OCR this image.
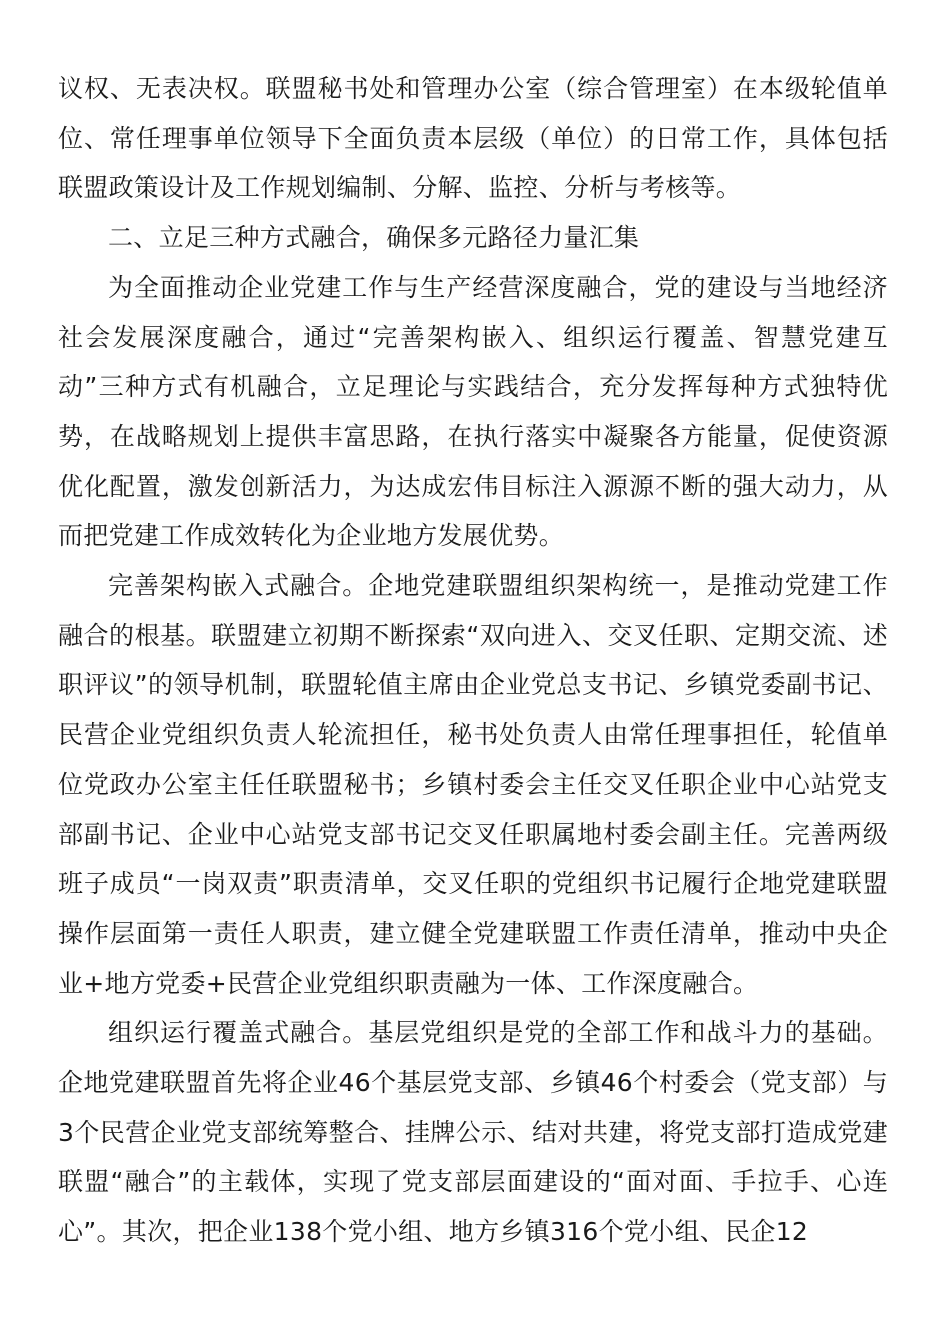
议权、无表决权。联盟秘书处和管理办公室（综合管理室）在本级轮值单位、常任理事单位领导下全面负责本层级（单位）的日常工作，具体包括联盟政策设计及工作规划编制、分解、监控、分析与考核等。

二、立足三种方式融合，确保多元路径力量汇集

为全面推动企业党建工作与生产经营深度融合，党的建设与当地经济社会发展深度融合，通过“完善架构嵌入、组织运行覆盖、智慧党建互动”三种方式有机融合，立足理论与实践结合，充分发挥每种方式独特优势，在战略规划上提供丰富思路，在执行落实中凝聚各方能量，促使资源优化配置，激发创新活力，为达成宏伟目标注入源源不断的强大动力，从而把党建工作成效转化为企业地方发展优势。

完善架构嵌入式融合。企地党建联盟组织架构统一，是推动党建工作融合的根基。联盟建立初期不断探索“双向进入、交叉任职、定期交流、述职评议”的领导机制，联盟轮值主席由企业党总支书记、乡镇党委副书记、民营企业党组织负责人轮流担任，秘书处负责人由常任理事担任，轮值单位党政办公室主任任联盟秘书；乡镇村委会主任交叉任职企业中心站党支部副书记、企业中心站党支部书记交叉任职属地村委会副主任。完善两级班子成员“一岗双责”职责清单，交叉任职的党组织书记履行企地党建联盟操作层面第一责任人职责，建立健全党建联盟工作责任清单，推动中央企业+地方党委+民营企业党组织职责融为一体、工作深度融合。

组织运行覆盖式融合。基层党组织是党的全部工作和战斗力的基础。企地党建联盟首先将企业46个基层党支部、乡镇46个村委会（党支部）与3个民营企业党支部统筹整合、挂牌公示、结对共建，将党支部打造成党建联盟“融合”的主载体，实现了党支部层面建设的“面对面、手拉手、心连心”。其次，把企业138个党小组、地方乡镇316个党小组、民企12
